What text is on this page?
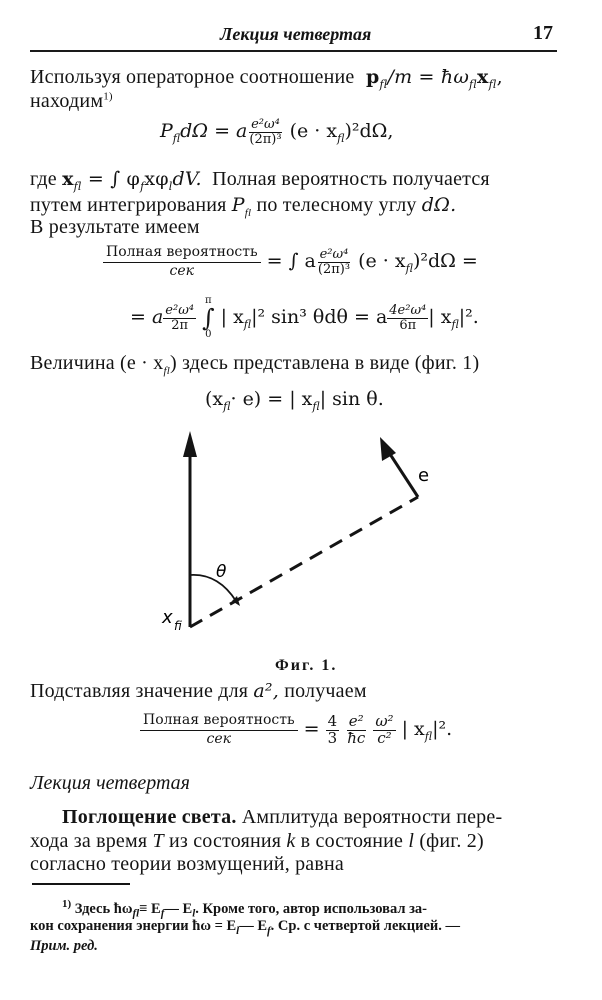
Лекция четвертая	17
Используя операторное соотношение $p_{fl}/m$ = $ħ\omega_{fl}x_{fl}$,
находим$^{1)}$
$P_{fl}d\Omega = a \frac{\text{e²ω⁴}}{\text{(2π)³}} (e \cdot x_{fl})^2d\Omega$,
где $x_{fl}$ = ∫ $\varphi_fx\varphi_ldV$. Полная вероятность получается
путем интегрирования $P_{fl}$ по телесному углу dΩ.
В результате имеем
$\frac{\text{Полная вероятность}}{\text{сек}}$ = ∫ a $\frac{\text{e²ω⁴}}{\text{(2π)³}} (e \cdot x_{fl})^2d\Omega$ =
= a $\frac{\text{e²ω⁴}}{2\pi}$

π
∫
0
| $x_{fl}|^2$ sin³ θdθ = a $\frac{\text{4e²ω⁴}}{6\pi}$ | $x_{fl}|^2$.
Величина $(e \cdot x_{fl})$ здесь представлена в виде (фиг. 1)
$(x_{fl}\cdot e)$ = | $x_{fl}|$ sin θ.
θ
e
x fi
Фиг. 1.
Подставляя значение для a², получаем
$\frac{\text{Полная вероятность}}{\text{сек}} = \frac{4}{3}$
$\frac{\text{e²}}{ħc}$
$\frac{\text{ω²}}{\text{c²}}$ | $x_{fl}|^2$.
Лекция четвертая
Поглощение света. Амплитуда вероятности пере-
хода за время T из состояния k в состояние l (фиг. 2)
согласно теории возмущений, равна
$^{1)}$ Здесь $ħ\omega_{fl}\equiv$ $E_f—$ $E_l$. Кроме того, автор использовал за-
кон сохранения энергии ħω = $E_l—$ $E_f$. Ср. с четвертой лекцией. —
Прим. ред.
